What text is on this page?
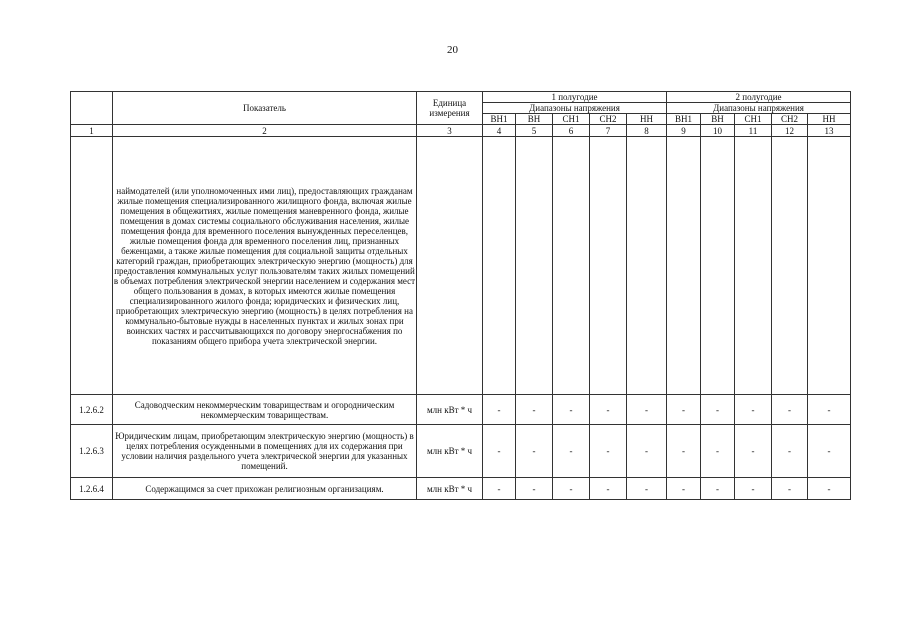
20
	Показатель	Единица измерения	1 полугодие					2 полугодие				
			Диапазоны напряжения					Диапазоны напряжения				
			ВН1	ВН	СН1	СН2	НН	ВН1	ВН	СН1	СН2	НН
1	2	3	4	5	6	7	8	9	10	11	12	13
	наймодателей (или уполномоченных ими лиц), предоставляющих гражданам жилые помещения специализированного жилищного фонда, включая жилые помещения в общежитиях, жилые помещения маневренного фонда, жилые помещения в домах системы социального обслуживания населения, жилые помещения фонда для временного поселения вынужденных переселенцев, жилые помещения фонда для временного поселения лиц, признанных беженцами, а также жилые помещения для социальной защиты отдельных категорий граждан, приобретающих электрическую энергию (мощность) для предоставления коммунальных услуг пользователям таких жилых помещений в объемах потребления электрической энергии населением и содержания мест общего пользования в домах, в которых имеются жилые помещения специализированного жилого фонда; юридических и физических лиц, приобретающих электрическую энергию (мощность) в целях потребления на коммунально-бытовые нужды в населенных пунктах и жилых зонах при воинских частях и рассчитывающихся по договору энергоснабжения по показаниям общего прибора учета электрической энергии.											
1.2.6.2	Садоводческим некоммерческим товариществам и огородническим некоммерческим товариществам.	млн кВт * ч	-	-	-	-	-	-	-	-	-	-
1.2.6.3	Юридическим лицам, приобретающим электрическую энергию (мощность) в целях потребления осужденными в помещениях для их содержания при условии наличия раздельного учета электрической энергии для указанных помещений.	млн кВт * ч	-	-	-	-	-	-	-	-	-	-
1.2.6.4	Содержащимся за счет прихожан религиозным организациям.	млн кВт * ч	-	-	-	-	-	-	-	-	-	-
